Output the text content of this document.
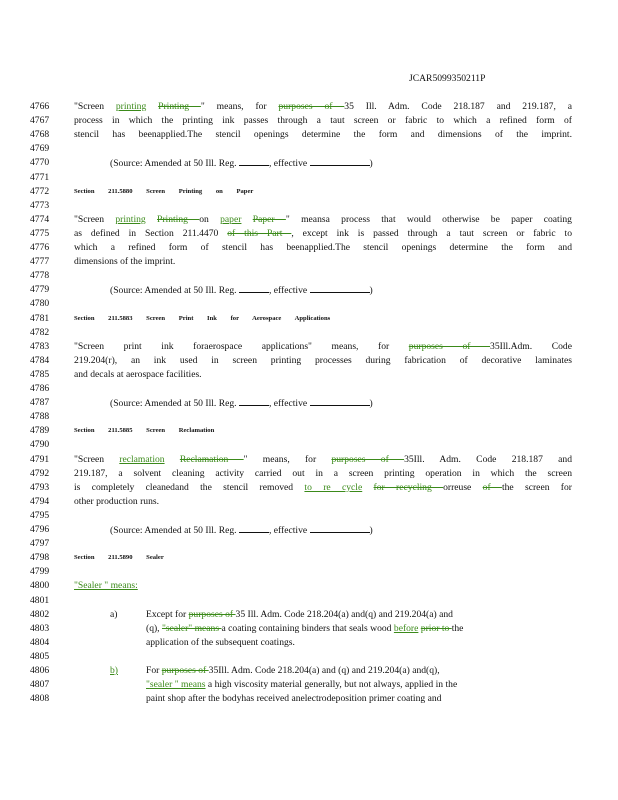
JCAR5099350211P
4766	"Screen printing Printing " means, for purposes of 35 Ill. Adm. Code 218.187 and 219.187, a
4767	process in which the printing ink passes through a taut screen or fabric to which a refined form of
4768	stencil has beenapplied.The stencil openings determine the form and dimensions of the imprint.
4769
4770	(Source: Amended at 50 Ill. Reg.	, effective	)
4771
4772	Section 211.5880 Screen Printing on Paper
4773
4774	"Screen printing Printing on paper Paper " meansa process that would otherwise be paper coating
4775	as defined in Section 211.4470 of this Part , except ink is passed through a taut screen or fabric to
4776	which a refined form of stencil has beenapplied.The stencil openings determine the form and
4777	dimensions of the imprint.
4778
4779	(Source: Amended at 50 Ill. Reg.	, effective	)
4780
4781	Section 211.5883 Screen Print Ink for Aerospace Applications
4782
4783	"Screen print ink foraerospace applications" means, for purposes of 35Ill.Adm. Code
4784	219.204(r), an ink used in screen printing processes during fabrication of decorative laminates
4785	and decals at aerospace facilities.
4786
4787	(Source: Amended at 50 Ill. Reg.	, effective	)
4788
4789	Section 211.5885 Screen Reclamation
4790
4791	"Screen reclamation Reclamation " means, for purposes of 35Ill. Adm. Code 218.187 and
4792	219.187, a solvent cleaning activity carried out in a screen printing operation in which the screen
4793	is completely cleanedand the stencil removed to re cycle for recycling orreuse of the screen for
4794	other production runs.
4795
4796	(Source: Amended at 50 Ill. Reg.	, effective	)
4797
4798	Section 211.5890 Sealer
4799
4800	"Sealer " means:
4801
4802	a)	Except for purposes of 35 Ill. Adm. Code 218.204(a) and(q) and 219.204(a) and
4803	(q), "sealer" means a coating containing binders that seals wood before prior to the
4804	application of the subsequent coatings.
4805
4806	b)	For purposes of 35Ill. Adm. Code 218.204(a) and (q) and 219.204(a) and(q),
4807	"sealer " means a high viscosity material generally, but not always, applied in the
4808	paint shop after the bodyhas received anelectrodeposition primer coating and
